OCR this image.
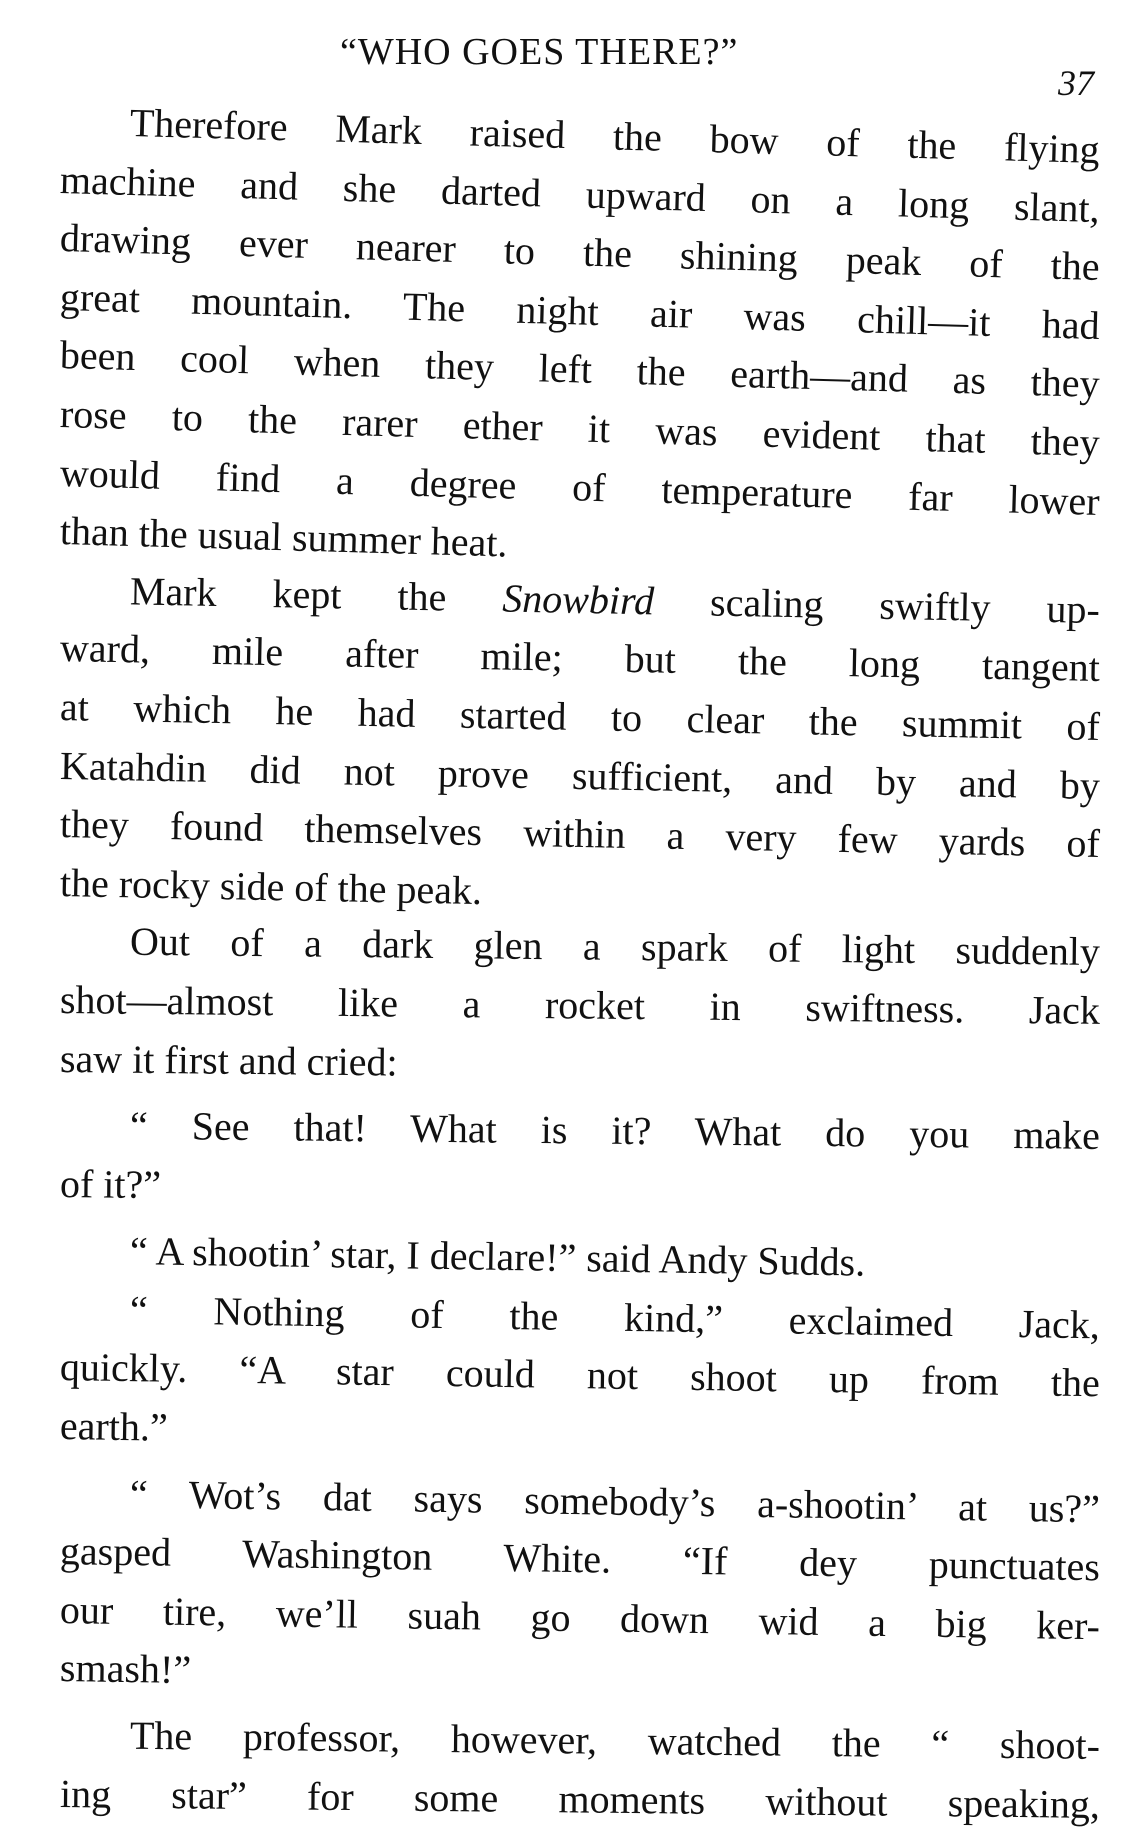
“WHO GOES THERE?”
37
Therefore Mark raised the bow of the flying
machine and she darted upward on a long slant,
drawing ever nearer to the shining peak of the
great mountain. The night air was chill—it had
been cool when they left the earth—and as they
rose to the rarer ether it was evident that they
would find a degree of temperature far lower
than the usual summer heat.
Mark kept the Snowbird scaling swiftly up-
ward, mile after mile; but the long tangent
at which he had started to clear the summit of
Katahdin did not prove sufficient, and by and by
they found themselves within a very few yards of
the rocky side of the peak.
Out of a dark glen a spark of light suddenly
shot—almost like a rocket in swiftness. Jack
saw it first and cried:
“ See that! What is it? What do you make
of it?”
“ A shootin’ star, I declare!” said Andy Sudds.
“ Nothing of the kind,” exclaimed Jack,
quickly. “A star could not shoot up from the
earth.”
“ Wot’s dat says somebody’s a-shootin’ at us?”
gasped Washington White. “If dey punctuates
our tire, we’ll suah go down wid a big ker-
smash!”
The professor, however, watched the “ shoot-
ing star” for some moments without speaking,
